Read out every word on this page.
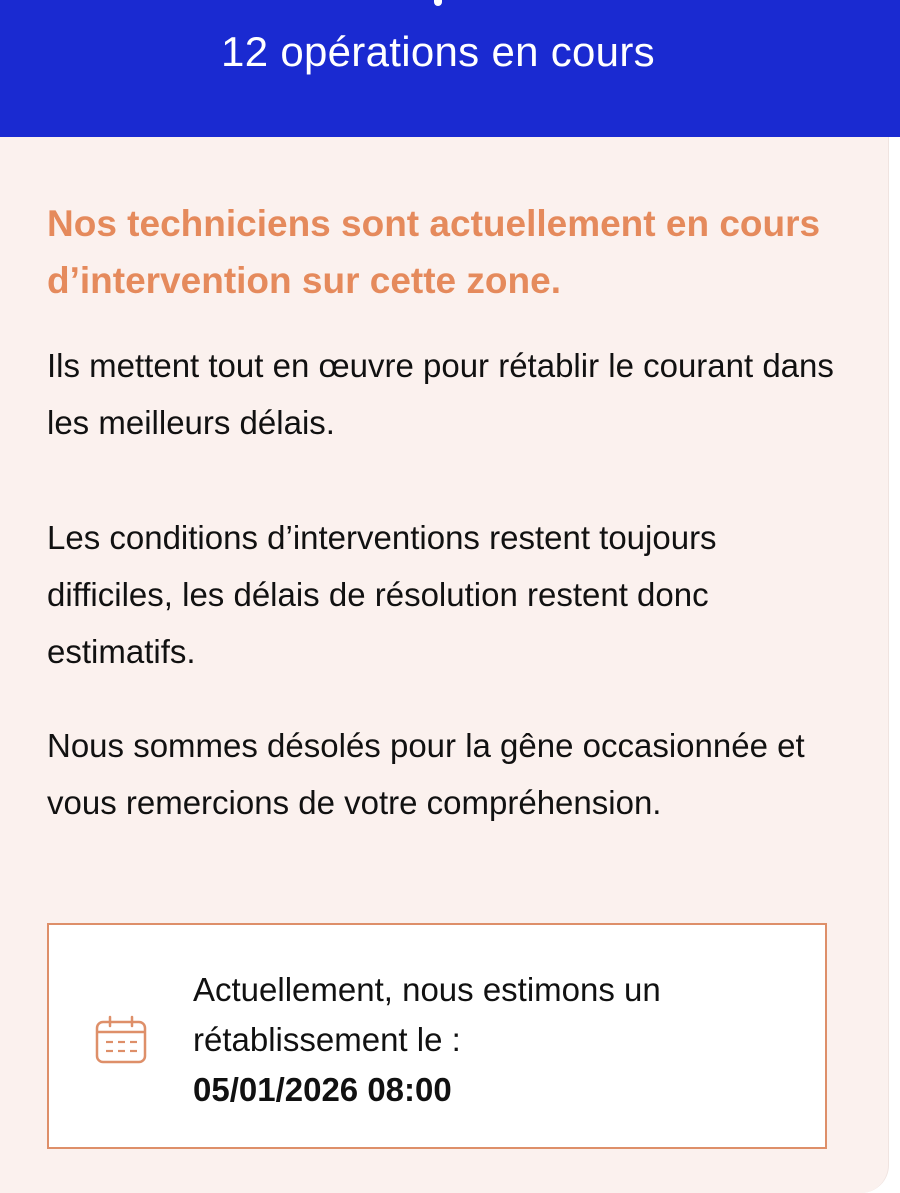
12 opérations en cours
Nos techniciens sont actuellement en cours d’intervention sur cette zone.
Ils mettent tout en œuvre pour rétablir le courant dans les meilleurs délais.
Les conditions d’interventions restent toujours difficiles, les délais de résolution restent donc estimatifs.
Nous sommes désolés pour la gêne occasionnée et vous remercions de votre compréhension.
Actuellement, nous estimons un rétablissement le :
05/01/2026 08:00
